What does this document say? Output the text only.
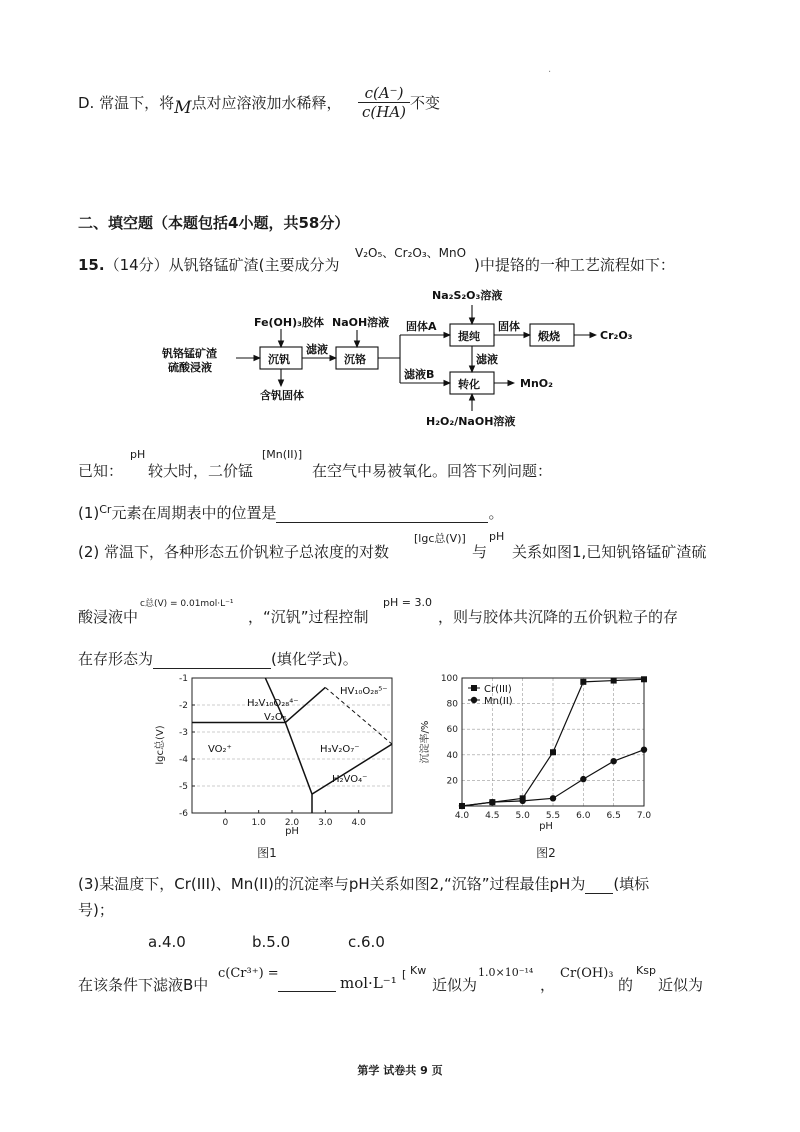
.
D. 常温下，将M点对应溶液加水稀释， $\frac{c(A^-)}{c(HA)}$ 不变
二、填空题（本题包括4小题，共58分）
15.（14分）从钒铬锰矿渣(主要成分为
V₂O₅、Cr₂O₃、MnO
)中提铬的一种工艺流程如下：
钒铬锰矿渣
硫酸浸液
Fe(OH)₃胶体
沉钒
含钒固体
滤液
NaOH溶液
沉铬
固体A
滤液B
Na₂S₂O₃溶液
提纯
固体
煅烧	Cr₂O₃
滤液
转化	MnO₂
H₂O₂/NaOH溶液
已知：
pH
较大时，二价锰
[Mn(II)]
在空气中易被氧化。回答下列问题：
$(1)^{Cr}$元素在周期表中的位置是	。
(2) 常温下，各种形态五价钒粒子总浓度的对数
[lgc总(V)]
与
pH
关系如图1,已知钒铬锰矿渣硫
酸浸液中
c总(V) = 0.01mol·L⁻¹
，“沉钒”过程控制
pH = 3.0
，则与胶体共沉降的五价钒粒子的存
在存形态为	(填化学式)。
-1
-2
-3
-4
-5
-6
0	1.0 2.0 3.0 4.0
H₂V₁₀O₂₈⁴⁻
V₂O₅
HV₁₀O₂₈⁵⁻
VO₂⁺	H₃V₂O₇⁻
H₂VO₄⁻
pH
lgc总(V)
图1
20
40
60
80
100
4.0 4.5 5.0 5.5 6.0 6.5 7.0
Cr(III)
Mn(II)
pH
沉淀率/%
图2
(3)某温度下，Cr(III)、Mn(II)的沉淀率与pH关系如图2,“沉铬”过程最佳pH为 (填标
号)；
a.4.0	b.5.0	c.6.0
在该条件下滤液B中
c(Cr³⁺) =
mol·L⁻¹ [ Kw
近似为
1.0×10⁻¹⁴
，
Cr(OH)₃
的
Ksp
近似为
第学 试卷共 9 页
